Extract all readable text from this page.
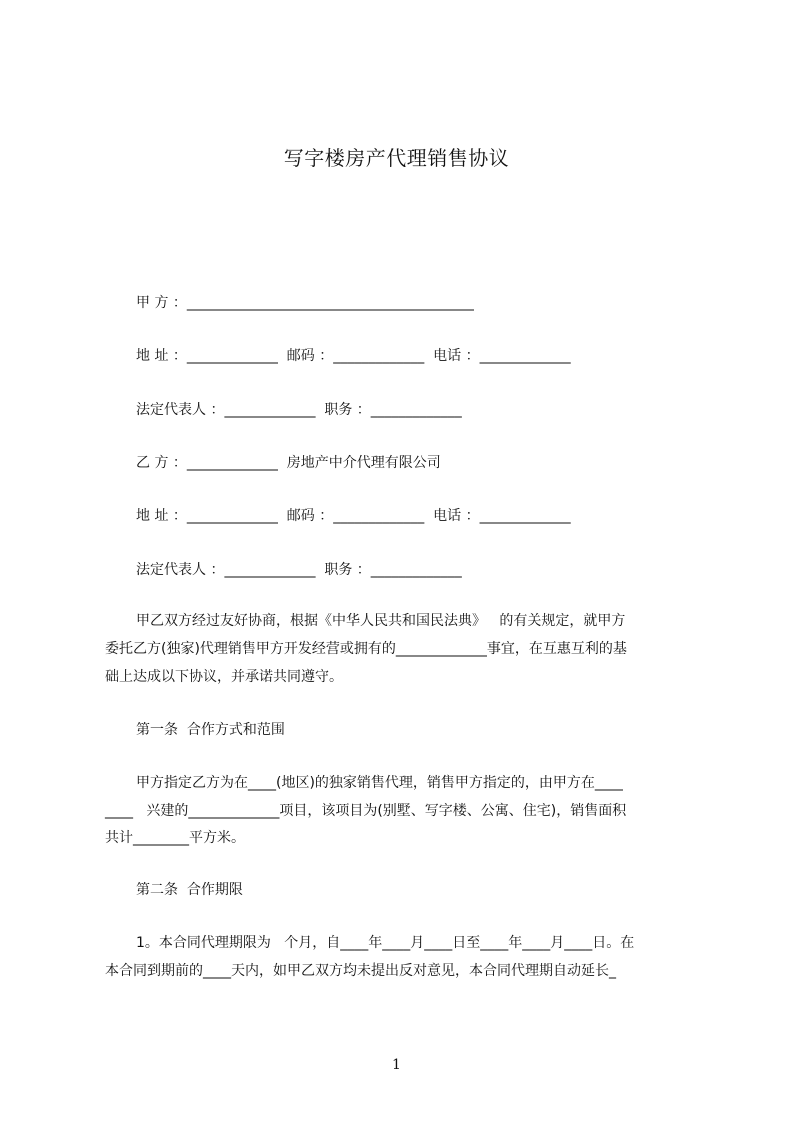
写字楼房产代理销售协议
甲 方 ：_________________________________________
地 址 ：_____________  邮码 ：_____________  电话 ：_____________
法定代表人 ：_____________  职务 ：_____________
乙 方 ：_____________  房地产中介代理有限公司
地 址 ：_____________  邮码 ：_____________  电话 ：_____________
法定代表人 ：_____________  职务 ：_____________
甲乙双方经过友好协商，根据《中华人民共和国民法典》   的有关规定，就甲方
委托乙方(独家)代理销售甲方开发经营或拥有的_____________事宜，在互惠互利的基
础上达成以下协议，并承诺共同遵守。
第一条  合作方式和范围
甲方指定乙方为在____(地区)的独家销售代理，销售甲方指定的，由甲方在____
____   兴建的_____________项目，该项目为(别墅、写字楼、公寓、住宅)，销售面积
共计________平方米。
第二条  合作期限
1。本合同代理期限为   个月，自____年____月____日至____年____月____日。在
本合同到期前的____天内，如甲乙双方均未提出反对意见，本合同代理期自动延长_
1
